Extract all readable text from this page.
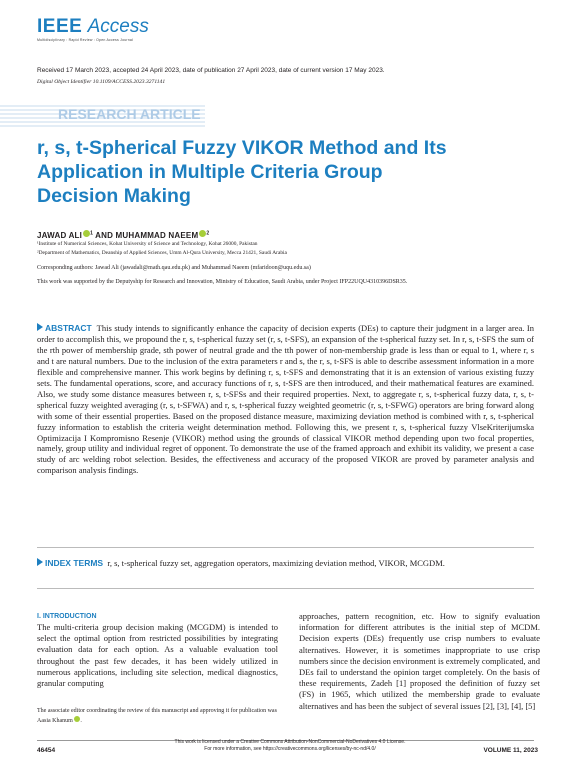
IEEE Access
Multidisciplinary : Rapid Review : Open Access Journal
Received 17 March 2023, accepted 24 April 2023, date of publication 27 April 2023, date of current version 17 May 2023.
Digital Object Identifier 10.1109/ACCESS.2023.3271141
RESEARCH ARTICLE
r, s, t-Spherical Fuzzy VIKOR Method and Its Application in Multiple Criteria Group Decision Making
JAWAD ALI $^1$ AND MUHAMMAD NAEEM $^2$
¹Institute of Numerical Sciences, Kohat University of Science and Technology, Kohat 26000, Pakistan
²Department of Mathematics, Deanship of Applied Sciences, Umm Al-Qura University, Mecca 21421, Saudi Arabia
Corresponding authors: Jawad Ali (jawadali@math.qau.edu.pk) and Muhammad Naeem (mfaridoon@uqu.edu.sa)
This work was supported by the Deputyship for Research and Innovation, Ministry of Education, Saudi Arabia, under Project IFP22UQU4310396DSR35.
ABSTRACT This study intends to significantly enhance the capacity of decision experts (DEs) to capture their judgment in a larger area. In order to accomplish this, we propound the r, s, t-spherical fuzzy set (r, s, t-SFS), an expansion of the t-spherical fuzzy set. In r, s, t-SFS the sum of the rth power of membership grade, sth power of neutral grade and the tth power of non-membership grade is less than or equal to 1, where r, s and t are natural numbers. Due to the inclusion of the extra parameters r and s, the r, s, t-SFS is able to describe assessment information in a more flexible and comprehensive manner. This work begins by defining r, s, t-SFS and demonstrating that it is an extension of various existing fuzzy sets. The fundamental operations, score, and accuracy functions of r, s, t-SFS are then introduced, and their mathematical features are examined. Also, we study some distance measures between r, s, t-SFSs and their required properties. Next, to aggregate r, s, t-spherical fuzzy data, r, s, t-spherical fuzzy weighted averaging (r, s, t-SFWA) and r, s, t-spherical fuzzy weighted geometric (r, s, t-SFWG) operators are bring forward along with some of their essential properties. Based on the proposed distance measure, maximizing deviation method is combined with r, s, t-spherical fuzzy information to establish the criteria weight determination method. Following this, we present r, s, t-spherical fuzzy VlseKriterijumska Optimizacija I Kompromisno Resenje (VIKOR) method using the grounds of classical VIKOR method depending upon two focal properties, namely, group utility and individual regret of opponent. To demonstrate the use of the framed approach and exhibit its validity, we present a case study of arc welding robot selection. Besides, the effectiveness and accuracy of the proposed VIKOR are proved by parameter analysis and comparison analysis findings.
INDEX TERMS r, s, t-spherical fuzzy set, aggregation operators, maximizing deviation method, VIKOR, MCGDM.
I. INTRODUCTION
The multi-criteria group decision making (MCGDM) is intended to select the optimal option from restricted possibilities by integrating evaluation data for each option. As a valuable evaluation tool throughout the past few decades, it has been widely utilized in numerous applications, including site selection, medical diagnostics, granular computing
approaches, pattern recognition, etc. How to signify evaluation information for different attributes is the initial step of MCDM. Decision experts (DEs) frequently use crisp numbers to evaluate alternatives. However, it is sometimes inappropriate to use crisp numbers since the decision environment is extremely complicated, and DEs fail to understand the opinion target completely. On the basis of these requirements, Zadeh [1] proposed the definition of fuzzy set (FS) in 1965, which utilized the membership grade to evaluate alternatives and has been the subject of several issues [2], [3], [4], [5]
The associate editor coordinating the review of this manuscript and approving it for publication was Aasia Khanum .
46454
This work is licensed under a Creative Commons Attribution-NonCommercial-NoDerivatives 4.0 License.
For more information, see https://creativecommons.org/licenses/by-nc-nd/4.0/	VOLUME 11, 2023
